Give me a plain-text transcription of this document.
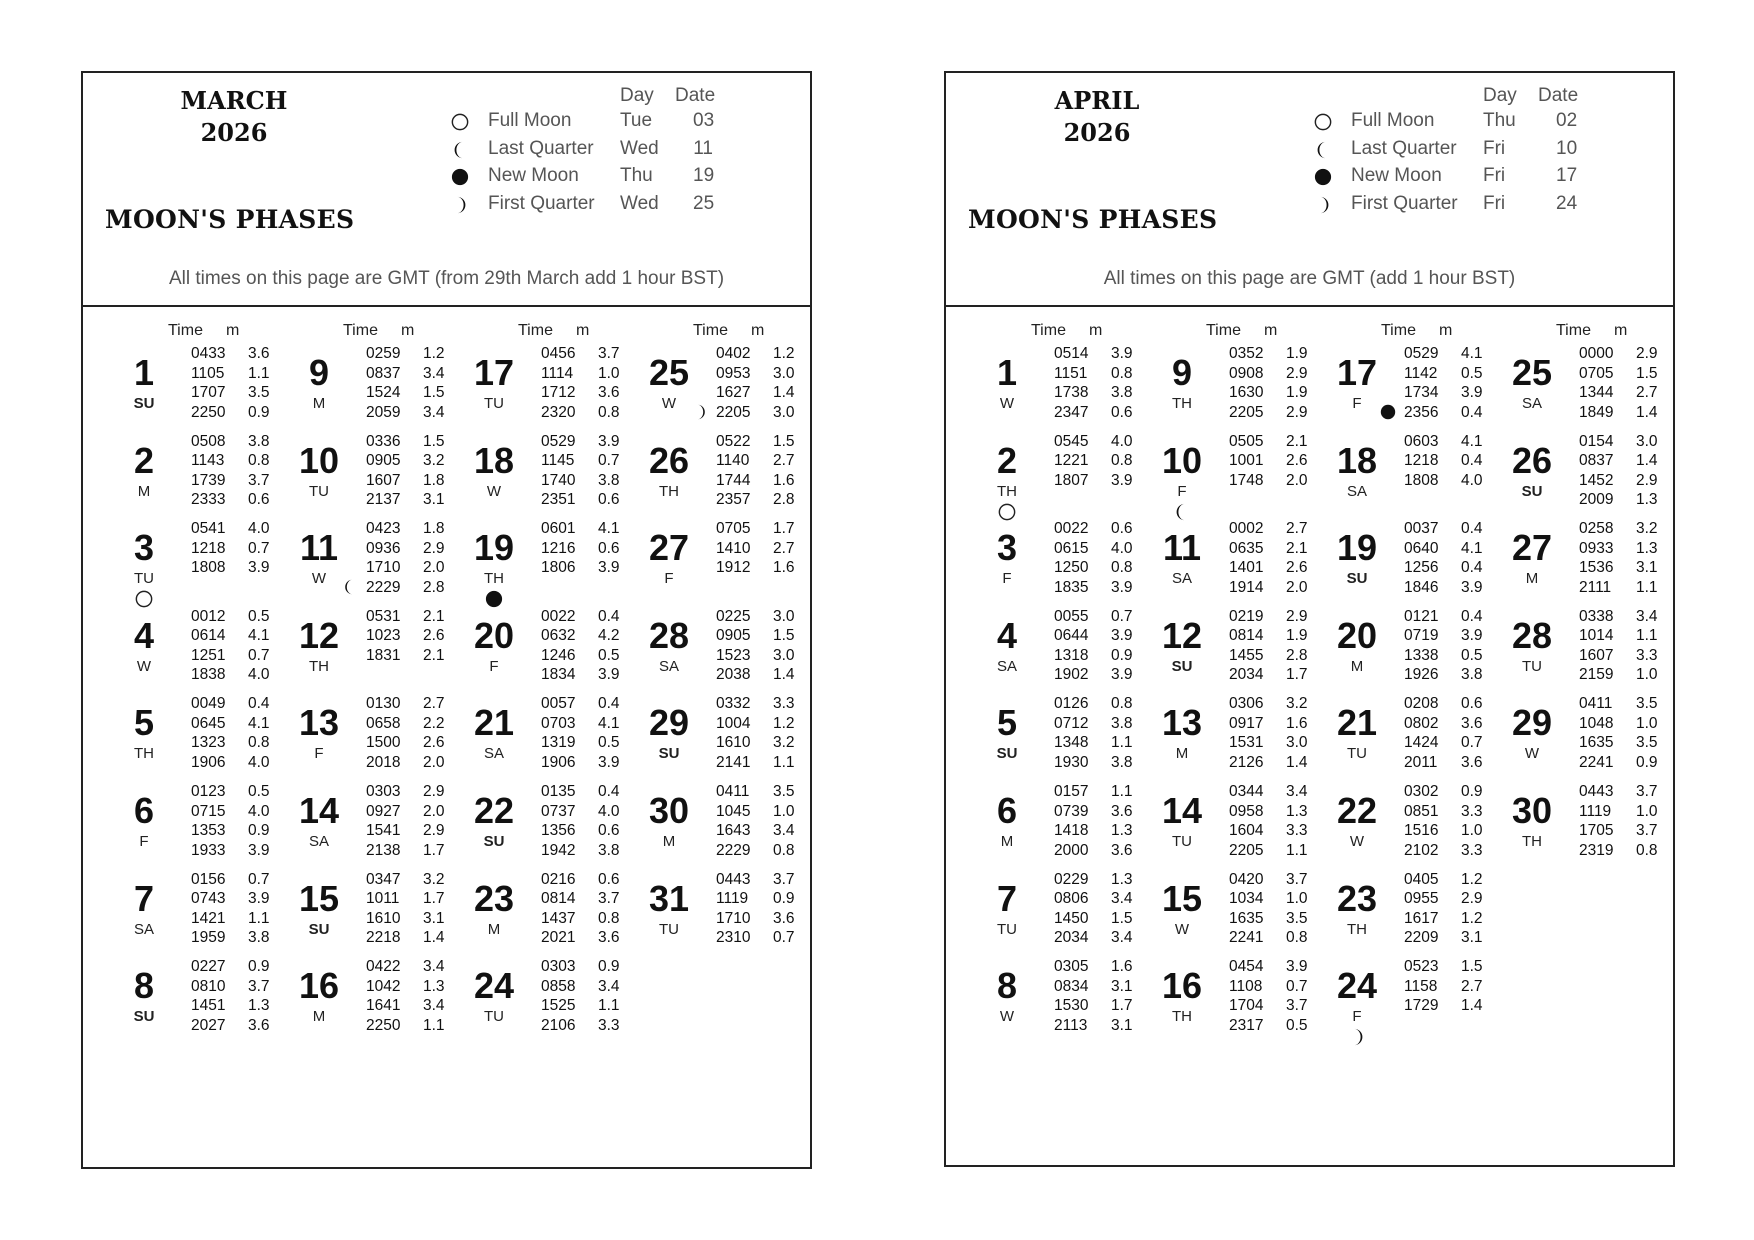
MARCH
2026
MOON'S PHASES
Day Date
Full Moon	Tue 03
Last Quarter Wed 11
New Moon Thu 19
First Quarter Wed 25
All times on this page are GMT (from 29th March add 1 hour BST)
Time m	Time m	Time m	Time m
1
SU
0433 3.6
1105 1.1
1707 3.5
2250 0.9
2
M
0508 3.8
1143 0.8
1739 3.7
2333 0.6
3
TU
0541 4.0
1218 0.7
1808 3.9
4
W
0012 0.5
0614 4.1
1251 0.7
1838 4.0
5
TH
0049 0.4
0645 4.1
1323 0.8
1906 4.0
6
F
0123 0.5
0715 4.0
1353 0.9
1933 3.9
7
SA
0156 0.7
0743 3.9
1421 1.1
1959 3.8
8
SU
0227 0.9
0810 3.7
1451 1.3
2027 3.6
9
M
0259 1.2
0837 3.4
1524 1.5
2059 3.4
10
TU
0336 1.5
0905 3.2
1607 1.8
2137 3.1
11
W
0423 1.8
0936 2.9
1710 2.0
2229 2.8
12
TH
0531 2.1
1023 2.6
1831 2.1
13
F
0130 2.7
0658 2.2
1500 2.6
2018 2.0
14
SA
0303 2.9
0927 2.0
1541 2.9
2138 1.7
15
SU
0347 3.2
1011 1.7
1610 3.1
2218 1.4
16
M
0422 3.4
1042 1.3
1641 3.4
2250 1.1
17
TU
0456 3.7
1114 1.0
1712 3.6
2320 0.8
18
W
0529 3.9
1145 0.7
1740 3.8
2351 0.6
19
TH
0601 4.1
1216 0.6
1806 3.9
20
F
0022 0.4
0632 4.2
1246 0.5
1834 3.9
21
SA
0057 0.4
0703 4.1
1319 0.5
1906 3.9
22
SU
0135 0.4
0737 4.0
1356 0.6
1942 3.8
23
M
0216 0.6
0814 3.7
1437 0.8
2021 3.6
24
TU
0303 0.9
0858 3.4
1525 1.1
2106 3.3
25
W
0402 1.2
0953 3.0
1627 1.4
2205 3.0
26
TH
0522 1.5
1140 2.7
1744 1.6
2357 2.8
27
F
0705 1.7
1410 2.7
1912 1.6
28
SA
0225 3.0
0905 1.5
1523 3.0
2038 1.4
29
SU
0332 3.3
1004 1.2
1610 3.2
2141 1.1
30
M
0411 3.5
1045 1.0
1643 3.4
2229 0.8
31
TU
0443 3.7
1119 0.9
1710 3.6
2310 0.7
APRIL
2026
MOON'S PHASES
Day Date
Full Moon	Thu 02
Last Quarter Fri	10
New Moon Fri	17
First Quarter Fri	24
All times on this page are GMT (add 1 hour BST)
Time m	Time m	Time m	Time m
1
W
0514 3.9
1151 0.8
1738 3.8
2347 0.6
2
TH
0545 4.0
1221 0.8
1807 3.9
3
F
0022 0.6
0615 4.0
1250 0.8
1835 3.9
4
SA
0055 0.7
0644 3.9
1318 0.9
1902 3.9
5
SU
0126 0.8
0712 3.8
1348 1.1
1930 3.8
6
M
0157 1.1
0739 3.6
1418 1.3
2000 3.6
7
TU
0229 1.3
0806 3.4
1450 1.5
2034 3.4
8
W
0305 1.6
0834 3.1
1530 1.7
2113 3.1
9
TH
0352 1.9
0908 2.9
1630 1.9
2205 2.9
10
F
0505 2.1
1001 2.6
1748 2.0
11
SA
0002 2.7
0635 2.1
1401 2.6
1914 2.0
12
SU
0219 2.9
0814 1.9
1455 2.8
2034 1.7
13
M
0306 3.2
0917 1.6
1531 3.0
2126 1.4
14
TU
0344 3.4
0958 1.3
1604 3.3
2205 1.1
15
W
0420 3.7
1034 1.0
1635 3.5
2241 0.8
16
TH
0454 3.9
1108 0.7
1704 3.7
2317 0.5
17
F
0529 4.1
1142 0.5
1734 3.9
2356 0.4
18
SA
0603 4.1
1218 0.4
1808 4.0
19
SU
0037 0.4
0640 4.1
1256 0.4
1846 3.9
20
M
0121 0.4
0719 3.9
1338 0.5
1926 3.8
21
TU
0208 0.6
0802 3.6
1424 0.7
2011 3.6
22
W
0302 0.9
0851 3.3
1516 1.0
2102 3.3
23
TH
0405 1.2
0955 2.9
1617 1.2
2209 3.1
24
F
0523 1.5
1158 2.7
1729 1.4
25
SA
0000 2.9
0705 1.5
1344 2.7
1849 1.4
26
SU
0154 3.0
0837 1.4
1452 2.9
2009 1.3
27
M
0258 3.2
0933 1.3
1536 3.1
2111 1.1
28
TU
0338 3.4
1014 1.1
1607 3.3
2159 1.0
29
W
0411 3.5
1048 1.0
1635 3.5
2241 0.9
30
TH
0443 3.7
1119 1.0
1705 3.7
2319 0.8
